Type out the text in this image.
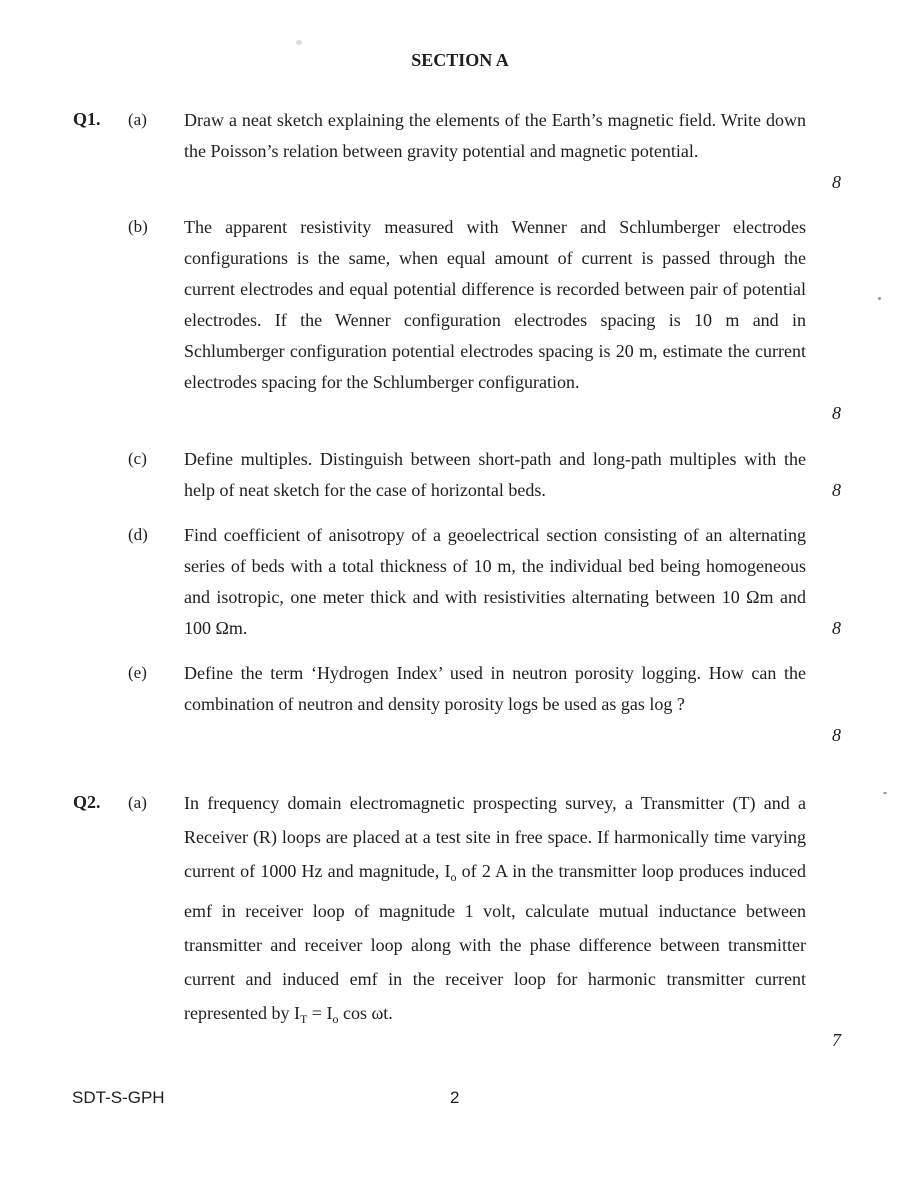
SECTION A
Q1. (a) Draw a neat sketch explaining the elements of the Earth’s magnetic field. Write down the Poisson’s relation between gravity potential and magnetic potential.
8
(b) The apparent resistivity measured with Wenner and Schlumberger electrodes configurations is the same, when equal amount of current is passed through the current electrodes and equal potential difference is recorded between pair of potential electrodes. If the Wenner configuration electrodes spacing is 10 m and in Schlumberger configuration potential electrodes spacing is 20 m, estimate the current electrodes spacing for the Schlumberger configuration.
8
(c) Define multiples. Distinguish between short-path and long-path multiples with the help of neat sketch for the case of horizontal beds.	8
(d) Find coefficient of anisotropy of a geoelectrical section consisting of an alternating series of beds with a total thickness of 10 m, the individual bed being homogeneous and isotropic, one meter thick and with resistivities alternating between 10 Ωm and 100 Ωm.	8
(e) Define the term ‘Hydrogen Index’ used in neutron porosity logging. How can the combination of neutron and density porosity logs be used as gas log ?
8
Q2. (a) In frequency domain electromagnetic prospecting survey, a Transmitter (T) and a Receiver (R) loops are placed at a test site in free space. If harmonically time varying current of 1000 Hz and magnitude, $I_o$ of 2 A in the transmitter loop produces induced emf in receiver loop of magnitude 1 volt, calculate mutual inductance between transmitter and receiver loop along with the phase difference between transmitter current and induced emf in the receiver loop for harmonic transmitter current represented by $I_T = I_o$ cos ωt.
7
SDT-S-GPH	2
